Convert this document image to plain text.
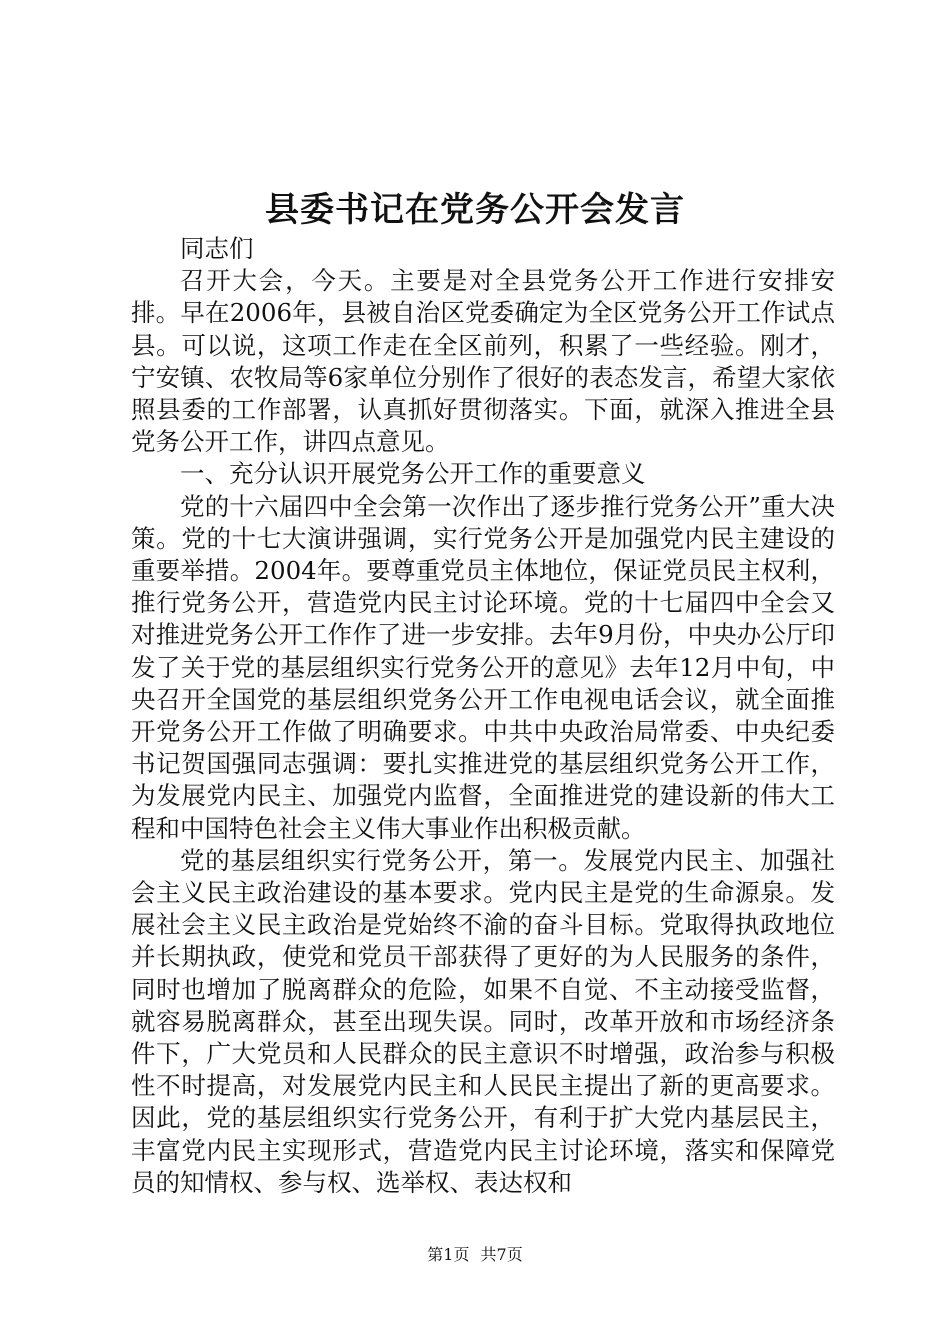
县委书记在党务公开会发言

同志们

召开大会，今天。主要是对全县党务公开工作进行安排安排。早在2006年，县被自治区党委确定为全区党务公开工作试点县。可以说，这项工作走在全区前列，积累了一些经验。刚才，宁安镇、农牧局等6家单位分别作了很好的表态发言，希望大家依照县委的工作部署，认真抓好贯彻落实。下面，就深入推进全县党务公开工作，讲四点意见。

一、充分认识开展党务公开工作的重要意义

党的十六届四中全会第一次作出了逐步推行党务公开”重大决策。党的十七大演讲强调，实行党务公开是加强党内民主建设的重要举措。2004年。要尊重党员主体地位，保证党员民主权利，推行党务公开，营造党内民主讨论环境。党的十七届四中全会又对推进党务公开工作作了进一步安排。去年9月份，中央办公厅印发了关于党的基层组织实行党务公开的意见》去年12月中旬，中央召开全国党的基层组织党务公开工作电视电话会议，就全面推开党务公开工作做了明确要求。中共中央政治局常委、中央纪委书记贺国强同志强调：要扎实推进党的基层组织党务公开工作，为发展党内民主、加强党内监督，全面推进党的建设新的伟大工程和中国特色社会主义伟大事业作出积极贡献。

党的基层组织实行党务公开，第一。发展党内民主、加强社会主义民主政治建设的基本要求。党内民主是党的生命源泉。发展社会主义民主政治是党始终不渝的奋斗目标。党取得执政地位并长期执政，使党和党员干部获得了更好的为人民服务的条件，同时也增加了脱离群众的危险，如果不自觉、不主动接受监督，就容易脱离群众，甚至出现失误。同时，改革开放和市场经济条件下，广大党员和人民群众的民主意识不时增强，政治参与积极性不时提高，对发展党内民主和人民民主提出了新的更高要求。因此，党的基层组织实行党务公开，有利于扩大党内基层民主，丰富党内民主实现形式，营造党内民主讨论环境，落实和保障党员的知情权、参与权、选举权、表达权和

第1页 共7页
